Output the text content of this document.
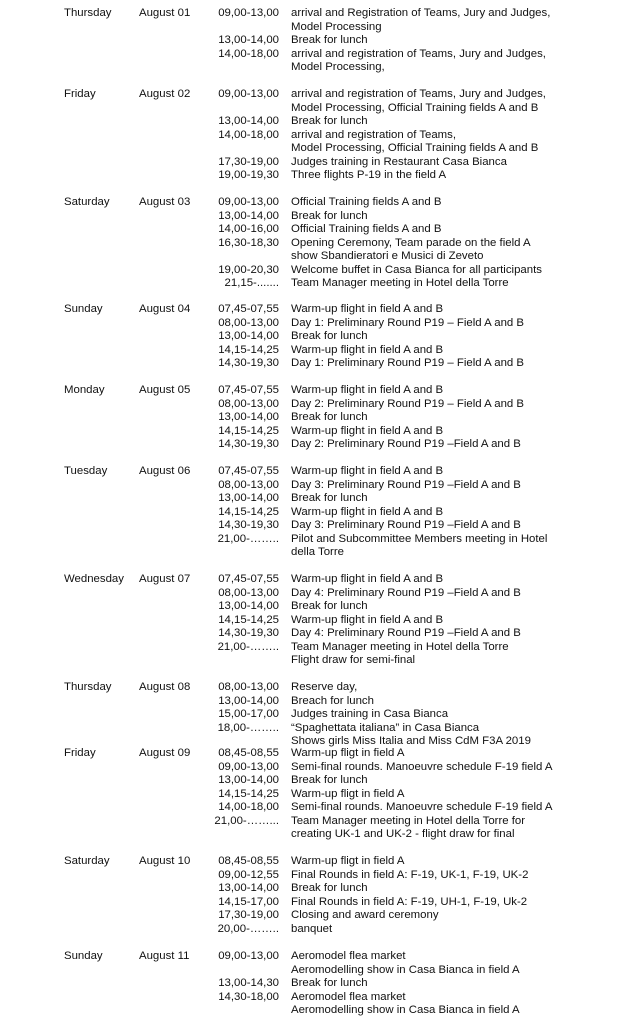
Thursday August 01	09,00-13,00 arrival and Registration of Teams, Jury and Judges,
Model Processing
13,00-14,00 Break for lunch
14,00-18,00 arrival and registration of Teams, Jury and Judges,
Model Processing,
Friday	August 02	09,00-13,00 arrival and registration of Teams, Jury and Judges,
Model Processing, Official Training fields A and B
13,00-14,00 Break for lunch
14,00-18,00 arrival and registration of Teams,
Model Processing, Official Training fields A and B
17,30-19,00 Judges training in Restaurant Casa Bianca
19,00-19,30 Three flights P-19 in the field A
Saturday	August 03	09,00-13,00 Official Training fields A and B
13,00-14,00 Break for lunch
14,00-16,00 Official Training fields A and B
16,30-18,30 Opening Ceremony, Team parade on the field A
show Sbandieratori e Musici di Zeveto
19,00-20,30 Welcome buffet in Casa Bianca for all participants
21,15-....... Team Manager meeting in Hotel della Torre
Sunday	August 04	07,45-07,55 Warm-up flight in field A and B
08,00-13,00 Day 1: Preliminary Round P19 – Field A and B
13,00-14,00 Break for lunch
14,15-14,25 Warm-up flight in field A and B
14,30-19,30 Day 1: Preliminary Round P19 – Field A and B
Monday	August 05	07,45-07,55 Warm-up flight in field A and B
08,00-13,00 Day 2: Preliminary Round P19 – Field A and B
13,00-14,00 Break for lunch
14,15-14,25 Warm-up flight in field A and B
14,30-19,30 Day 2: Preliminary Round P19 –Field A and B
Tuesday	August 06	07,45-07,55 Warm-up flight in field A and B
08,00-13,00 Day 3: Preliminary Round P19 –Field A and B
13,00-14,00 Break for lunch
14,15-14,25 Warm-up flight in field A and B
14,30-19,30 Day 3: Preliminary Round P19 –Field A and B
21,00-…….. Pilot and Subcommittee Members meeting in Hotel
della Torre
Wednesday August 07	07,45-07,55 Warm-up flight in field A and B
08,00-13,00 Day 4: Preliminary Round P19 –Field A and B
13,00-14,00 Break for lunch
14,15-14,25 Warm-up flight in field A and B
14,30-19,30 Day 4: Preliminary Round P19 –Field A and B
21,00-…….. Team Manager meeting in Hotel della Torre
Flight draw for semi-final
Thursday August 08	08,00-13,00 Reserve day,
13,00-14,00 Breach for lunch
15,00-17,00 Judges training in Casa Bianca
18,00-…….. “Spaghettata italiana” in Casa Bianca
Shows girls Miss Italia and Miss CdM F3A 2019
Friday	August 09	08,45-08,55 Warm-up fligt in field A
09,00-13,00 Semi-final rounds. Manoeuvre schedule F-19 field A
13,00-14,00 Break for lunch
14,15-14,25 Warm-up fligt in field A
14,00-18,00 Semi-final rounds. Manoeuvre schedule F-19 field A
21,00-……... Team Manager meeting in Hotel della Torre for
creating UK-1 and UK-2 - flight draw for final
Saturday	August 10	08,45-08,55 Warm-up fligt in field A
09,00-12,55 Final Rounds in field A: F-19, UK-1, F-19, UK-2
13,00-14,00 Break for lunch
14,15-17,00 Final Rounds in field A: F-19, UH-1, F-19, Uk-2
17,30-19,00 Closing and award ceremony
20,00-…….. banquet
Sunday	August 11	09,00-13,00 Aeromodel flea market
Aeromodelling show in Casa Bianca in field A
13,00-14,30 Break for lunch
14,30-18,00 Aeromodel flea market
Aeromodelling show in Casa Bianca in field A
